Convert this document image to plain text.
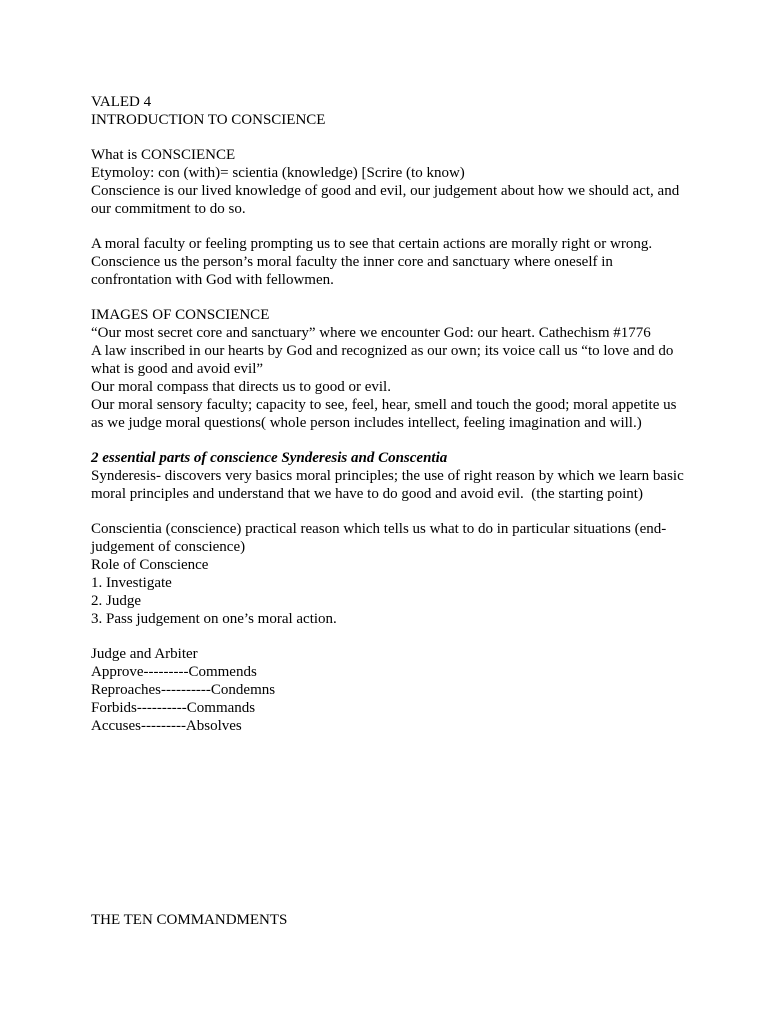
VALED 4
INTRODUCTION TO CONSCIENCE
What is CONSCIENCE
Etymoloy: con (with)= scientia (knowledge) [Scrire (to know)
Conscience is our lived knowledge of good and evil, our judgement about how we should act, and our commitment to do so.
A moral faculty or feeling prompting us to see that certain actions are morally right or wrong. Conscience us the person’s moral faculty the inner core and sanctuary where oneself in confrontation with God with fellowmen.
IMAGES OF CONSCIENCE
“Our most secret core and sanctuary” where we encounter God: our heart. Cathechism #1776
A law inscribed in our hearts by God and recognized as our own; its voice call us “to love and do what is good and avoid evil”
Our moral compass that directs us to good or evil.
Our moral sensory faculty; capacity to see, feel, hear, smell and touch the good; moral appetite us as we judge moral questions( whole person includes intellect, feeling imagination and will.)
2 essential parts of conscience Synderesis and Conscentia
Synderesis- discovers very basics moral principles; the use of right reason by which we learn basic moral principles and understand that we have to do good and avoid evil.  (the starting point)
Conscientia (conscience) practical reason which tells us what to do in particular situations (end-judgement of conscience)
Role of Conscience
1. Investigate
2. Judge
3. Pass judgement on one’s moral action.
Judge and Arbiter
Approve---------Commends
Reproaches----------Condemns
Forbids----------Commands
Accuses---------Absolves
THE TEN COMMANDMENTS
